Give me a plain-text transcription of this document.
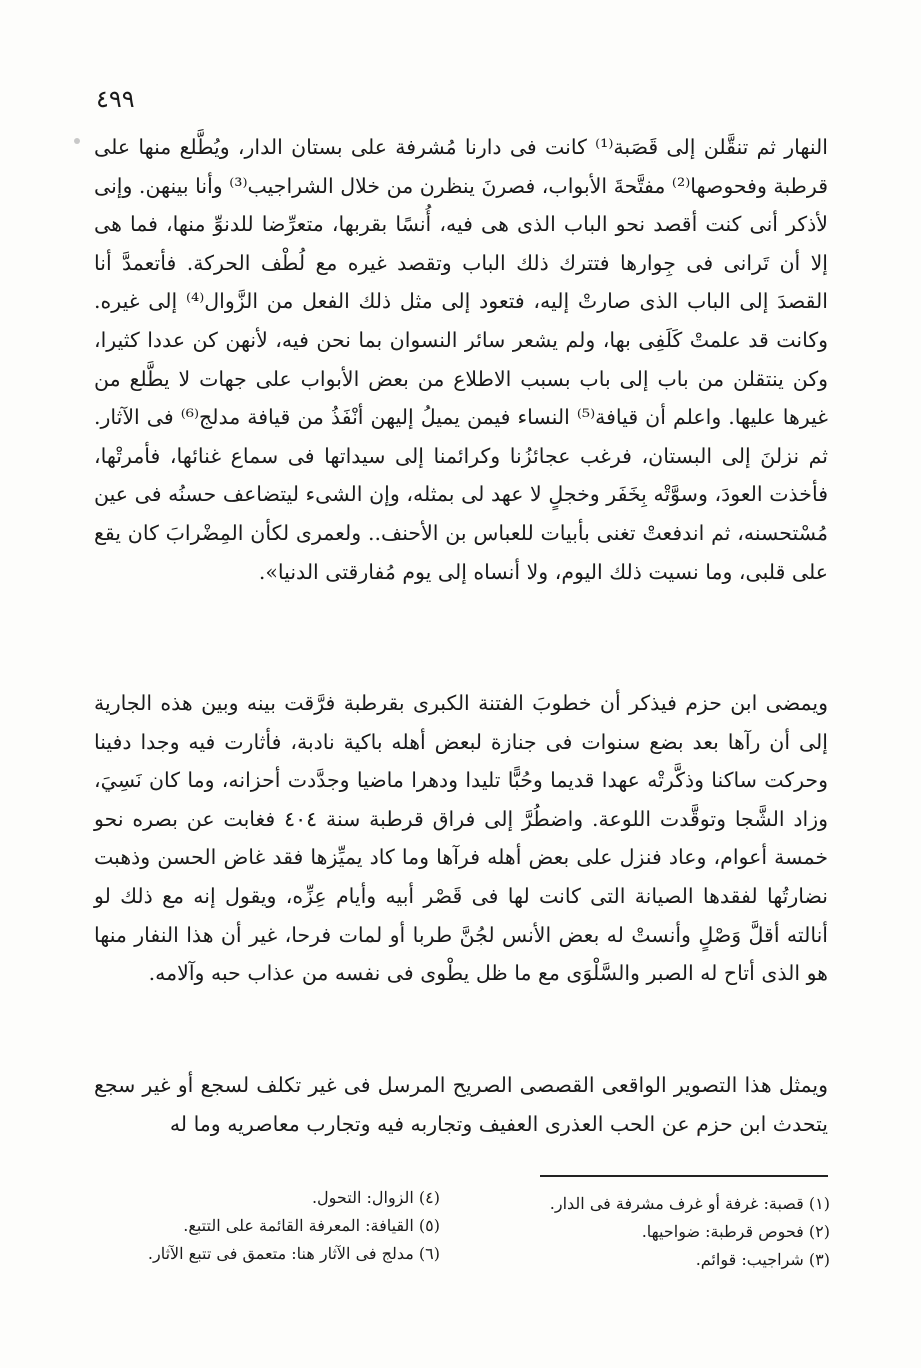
٤٩٩

النهار ثم تنقَّلن إلى قَصَبة⁽¹⁾ كانت فى دارنا مُشرفة على بستان الدار، ويُطَّلع منها على قرطبة وفحوصها⁽²⁾ مفتَّحةَ الأبواب، فصرنَ ينظرن من خلال الشراجيب⁽³⁾ وأنا بينهن. وإنى لأذكر أنى كنت أقصد نحو الباب الذى هى فيه، أُنسًا بقربها، متعرِّضا للدنوِّ منها، فما هى إلا أن تَرانى فى جِوارها فتترك ذلك الباب وتقصد غيره مع لُطْف الحركة. فأتعمدَّ أنا القصدَ إلى الباب الذى صارتْ إليه، فتعود إلى مثل ذلك الفعل من الزَّوال⁽⁴⁾ إلى غيره. وكانت قد علمتْ كَلَفِى بها، ولم يشعر سائر النسوان بما نحن فيه، لأنهن كن عددا كثيرا، وكن ينتقلن من باب إلى باب بسبب الاطلاع من بعض الأبواب على جهات لا يطَّلع من غيرها عليها. واعلم أن قيافة⁽⁵⁾ النساء فيمن يميلُ إليهن أنْفَذُ من قيافة مدلج⁽⁶⁾ فى الآثار. ثم نزلنَ إلى البستان، فرغب عجائزُنا وكرائمنا إلى سيداتها فى سماع غنائها، فأمرتْها، فأخذت العودَ، وسوَّتْه بِخَفَر وخجلٍ لا عهد لى بمثله، وإن الشىء ليتضاعف حسنُه فى عين مُسْتحسنه، ثم اندفعتْ تغنى بأبيات للعباس بن الأحنف.. ولعمرى لكأن المِضْرابَ كان يقع على قلبى، وما نسيت ذلك اليوم، ولا أنساه إلى يوم مُفارقتى الدنيا».

ويمضى ابن حزم فيذكر أن خطوبَ الفتنة الكبرى بقرطبة فرَّقت بينه وبين هذه الجارية إلى أن رآها بعد بضع سنوات فى جنازة لبعض أهله باكية نادبة، فأثارت فيه وجدا دفينا وحركت ساكنا وذكَّرتْه عهدا قديما وحُبًّا تليدا ودهرا ماضيا وجدَّدت أحزانه، وما كان نَسِيَ، وزاد الشَّجا وتوقَّدت اللوعة. واضطُرَّ إلى فراق قرطبة سنة ٤٠٤ فغابت عن بصره نحو خمسة أعوام، وعاد فنزل على بعض أهله فرآها وما كاد يميِّزها فقد غاض الحسن وذهبت نضارتُها لفقدها الصيانة التى كانت لها فى قَصْر أبيه وأيام عِزِّه، ويقول إنه مع ذلك لو أنالته أقلَّ وَصْلٍ وأنستْ له بعض الأنس لجُنَّ طربا أو لمات فرحا، غير أن هذا النفار منها هو الذى أتاح له الصبر والسَّلْوَى مع ما ظل يطْوى فى نفسه من عذاب حبه وآلامه.

ويمثل هذا التصوير الواقعى القصصى الصريح المرسل فى غير تكلف لسجع أو غير سجع يتحدث ابن حزم عن الحب العذرى العفيف وتجاربه فيه وتجارب معاصريه وما له

(١) قصبة: غرفة أو غرف مشرفة فى الدار.
(٢) فحوص قرطبة: ضواحيها.
(٣) شراجيب: قوائم.
(٤) الزوال: التحول.
(٥) القيافة: المعرفة القائمة على التتبع.
(٦) مدلج فى الآثار هنا: متعمق فى تتبع الآثار.
